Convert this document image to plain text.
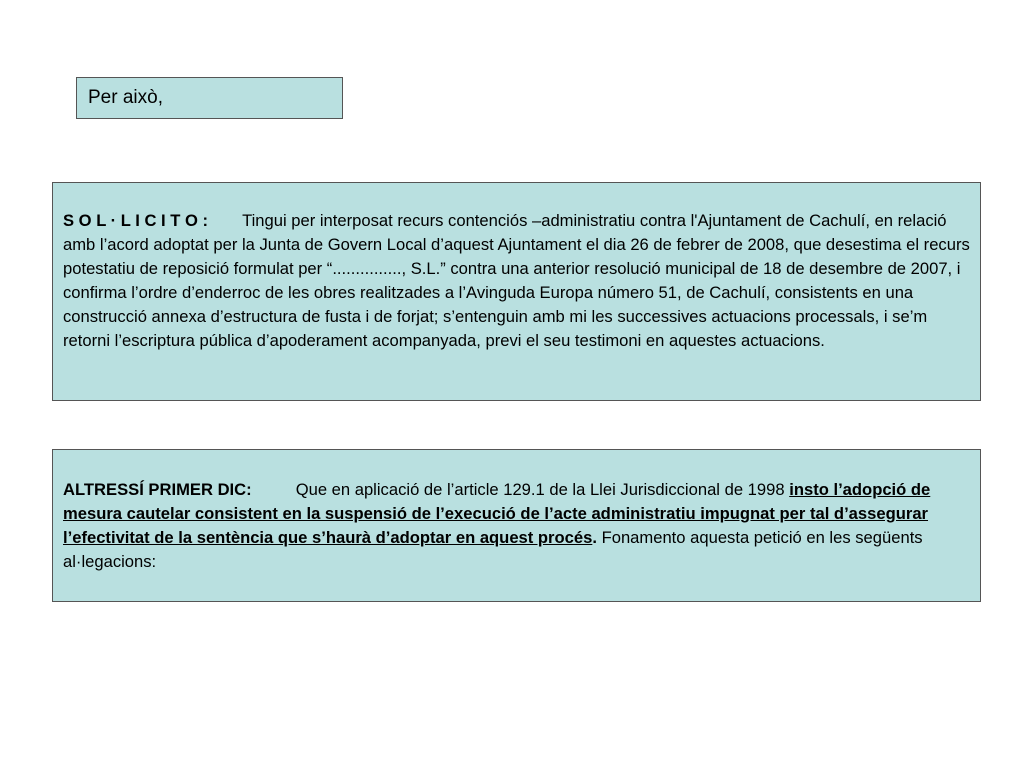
Per això,

S O L · L I C I T O : Tingui per interposat recurs contenciós –administratiu contra l'Ajuntament de Cachulí, en relació amb l’acord adoptat per la Junta de Govern Local d’aquest Ajuntament el dia 26 de febrer de 2008, que desestima el recurs potestatiu de reposició formulat per “..............., S.L.” contra una anterior resolució municipal de 18 de desembre de 2007, i confirma l’ordre d’enderroc de les obres realitzades a l’Avinguda Europa número 51, de Cachulí, consistents en una construcció annexa d’estructura de fusta i de forjat; s’entenguin amb mi les successives actuacions processals, i se’m retorni l’escriptura pública d’apoderament acompanyada, previ el seu testimoni en aquestes actuacions.

ALTRESSÍ PRIMER DIC:	Que en aplicació de l’article 129.1 de la Llei Jurisdiccional de 1998 insto l’adopció de mesura cautelar consistent en la suspensió de l’execució de l’acte administratiu impugnat per tal d’assegurar l’efectivitat de la sentència que s’haurà d’adoptar en aquest procés. Fonamento aquesta petició en les següents al·legacions:
